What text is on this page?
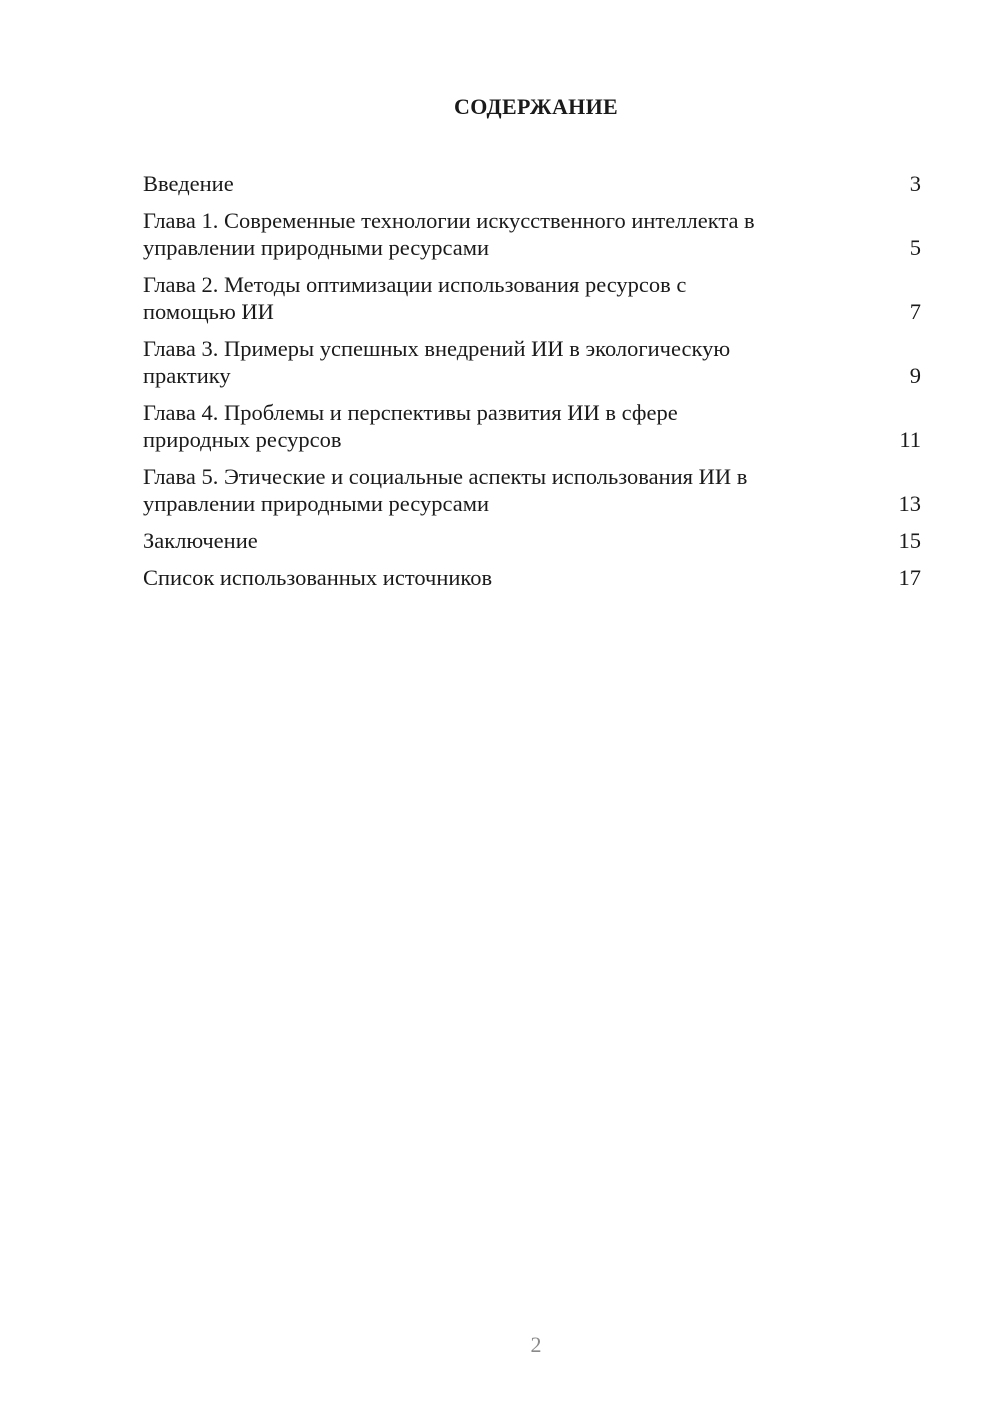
СОДЕРЖАНИЕ
Введение	3
Глава 1. Современные технологии искусственного интеллекта в
управлении природными ресурсами	5
Глава 2. Методы оптимизации использования ресурсов с
помощью ИИ	7
Глава 3. Примеры успешных внедрений ИИ в экологическую
практику	9
Глава 4. Проблемы и перспективы развития ИИ в сфере
природных ресурсов	11
Глава 5. Этические и социальные аспекты использования ИИ в
управлении природными ресурсами	13
Заключение	15
Список использованных источников	17
2
